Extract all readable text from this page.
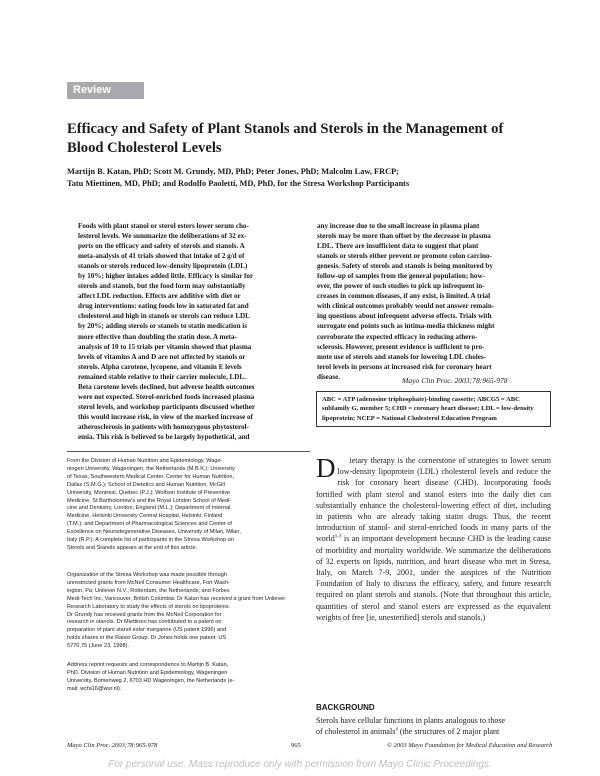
Review
Efficacy and Safety of Plant Stanols and Sterols in the Management of Blood Cholesterol Levels
Martijn B. Katan, PhD; Scott M. Grundy, MD, PhD; Peter Jones, PhD; Malcolm Law, FRCP;
Tatu Miettinen, MD, PhD; and Rodolfo Paoletti, MD, PhD, for the Stresa Workshop Participants
Foods with plant stanol or sterol esters lower serum cho-
lesterol levels. We summarize the deliberations of 32 ex-
perts on the efficacy and safety of sterols and stanols. A
meta-analysis of 41 trials showed that intake of 2 g/d of
stanols or sterols reduced low-density lipoprotein (LDL)
by 10%; higher intakes added little. Efficacy is similar for
sterols and stanols, but the food form may substantially
affect LDL reduction. Effects are additive with diet or
drug interventions: eating foods low in saturated fat and
cholesterol and high in stanols or sterols can reduce LDL
by 20%; adding sterols or stanols to statin medication is
more effective than doubling the statin dose. A meta-
analysis of 10 to 15 trials per vitamin showed that plasma
levels of vitamins A and D are not affected by stanols or
sterols. Alpha carotene, lycopene, and vitamin E levels
remained stable relative to their carrier molecule, LDL.
Beta carotene levels declined, but adverse health outcomes
were not expected. Sterol-enriched foods increased plasma
sterol levels, and workshop participants discussed whether
this would increase risk, in view of the marked increase of
atherosclerosis in patients with homozygous phytosterol-
emia. This risk is believed to be largely hypothetical, and
any increase due to the small increase in plasma plant
sterols may be more than offset by the decrease in plasma
LDL. There are insufficient data to suggest that plant
stanols or sterols either prevent or promote colon carcino-
genesis. Safety of sterols and stanols is being monitored by
follow-up of samples from the general population; how-
ever, the power of such studies to pick up infrequent in-
creases in common diseases, if any exist, is limited. A trial
with clinical outcomes probably would not answer remain-
ing questions about infrequent adverse effects. Trials with
surrogate end points such as intima-media thickness might
corroborate the expected efficacy in reducing athero-
sclerosis. However, present evidence is sufficient to pro-
mote use of sterols and stanols for lowering LDL choles-
terol levels in persons at increased risk for coronary heart
disease.	Mayo Clin Proc. 2003;78:965-978
ABC = ATP (adenosine triphosphate)-binding cassette; ABCG5 = ABC subfamily G, member 5; CHD = coronary heart disease; LDL = low-density lipoprotein; NCEP = National Cholesterol Education Program
From the Division of Human Nutrition and Epidemiology, Wage-
ningen University, Wageningen, the Netherlands (M.B.K.); University
of Texas, Southwestern Medical Center, Center for Human Nutrition,
Dallas (S.M.G.); School of Dietetics and Human Nutrition, McGill
University, Montreal, Quebec (P.J.); Wolfson Institute of Preventive
Medicine, St Bartholomew's and the Royal London School of Medi-
cine and Dentistry, London, England (M.L.); Department of Internal
Medicine, Helsinki University Central Hospital, Helsinki, Finland
(T.M.); and Department of Pharmacological Sciences and Center of
Excellence on Neurodegenerative Diseases, University of Milan, Milan,
Italy (R.P.). A complete list of participants in the Stresa Workshop on
Sterols and Stanols appears at the end of this article.
Organization of the Stresa Workshop was made possible through
unrestricted grants from McNeil Consumer Healthcare, Fort Wash-
ington, Pa; Unilever N.V., Rotterdam, the Netherlands; and Forbes
Medi-Tech Inc, Vancouver, British Columbia. Dr Katan has received a grant from Unilever
Research Laboratory to study the effects of sterols on lipoproteins.
Dr Grundy has received grants from the McNeil Corporation for
research in stanols. Dr Miettinen has contributed to a patent on
preparation of plant stanol ester margarine (US patent 1996) and
holds shares in the Raisio Group. Dr Jones holds one patent: US
5770,75 (June 23, 1998).
Address reprint requests and correspondence to Martijn B. Katan,
PhD, Division of Human Nutrition and Epidemiology, Wageningen
University, Bomenweg 2, 6703 HD Wageningen, the Netherlands (e-
mail: wcfa16@wur.nl).
D ietary therapy is the cornerstone of strategies to lower serum low-density lipoprotein (LDL) cholesterol levels and reduce the risk for coronary heart disease (CHD). Incorporating foods fortified with plant sterol and stanol esters into the daily diet can substantially enhance the cholesterol-lowering effect of diet, including in patients who are already taking statin drugs. Thus, the recent introduction of stanol- and sterol-enriched foods in many parts of the world$^{1-3}$ is an important development because CHD is the leading cause of morbidity and mortality worldwide. We summarize the deliberations of 32 experts on lipids, nutrition, and heart disease who met in Stresa, Italy, on March 7-9, 2001, under the auspices of the Nutrition Foundation of Italy to discuss the efficacy, safety, and future research required on plant sterols and stanols. (Note that throughout this article, quantities of sterol and stanol esters are expressed as the equivalent weights of free [ie, unesterified] sterols and stanols.)
BACKGROUND
Sterols have cellular functions in plants analogous to those
of cholesterol in animals$^4$ (the structures of 2 major plant
Mayo Clin Proc. 2003;78:965-978	965	© 2003 Mayo Foundation for Medical Education and Research
For personal use. Mass reproduce only with permission from Mayo Clinic Proceedings.
